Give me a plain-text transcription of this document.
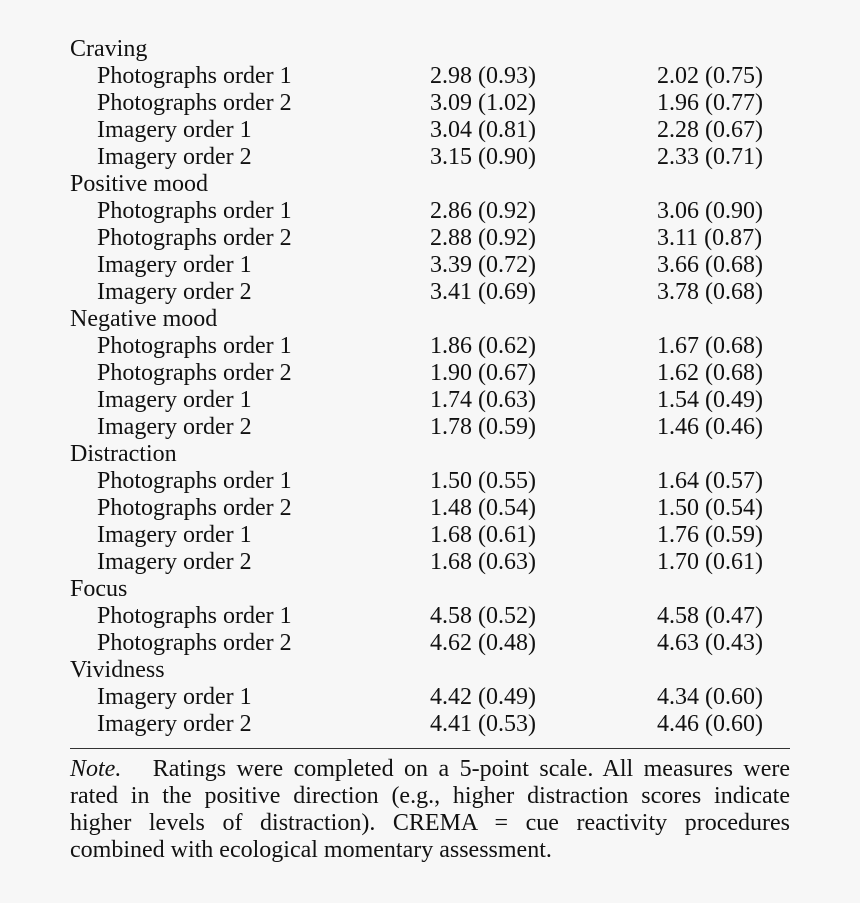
Craving
Photographs order 1	2.98 (0.93)	2.02 (0.75)
Photographs order 2	3.09 (1.02)	1.96 (0.77)
Imagery order 1	3.04 (0.81)	2.28 (0.67)
Imagery order 2	3.15 (0.90)	2.33 (0.71)
Positive mood
Photographs order 1	2.86 (0.92)	3.06 (0.90)
Photographs order 2	2.88 (0.92)	3.11 (0.87)
Imagery order 1	3.39 (0.72)	3.66 (0.68)
Imagery order 2	3.41 (0.69)	3.78 (0.68)
Negative mood
Photographs order 1	1.86 (0.62)	1.67 (0.68)
Photographs order 2	1.90 (0.67)	1.62 (0.68)
Imagery order 1	1.74 (0.63)	1.54 (0.49)
Imagery order 2	1.78 (0.59)	1.46 (0.46)
Distraction
Photographs order 1	1.50 (0.55)	1.64 (0.57)
Photographs order 2	1.48 (0.54)	1.50 (0.54)
Imagery order 1	1.68 (0.61)	1.76 (0.59)
Imagery order 2	1.68 (0.63)	1.70 (0.61)
Focus
Photographs order 1	4.58 (0.52)	4.58 (0.47)
Photographs order 2	4.62 (0.48)	4.63 (0.43)
Vividness
Imagery order 1	4.42 (0.49)	4.34 (0.60)
Imagery order 2	4.41 (0.53)	4.46 (0.60)
Note. Ratings were completed on a 5-point scale. All measures were rated in the positive direction (e.g., higher distraction scores indicate higher levels of distraction). CREMA = cue reactivity procedures combined with ecological momentary assessment.
